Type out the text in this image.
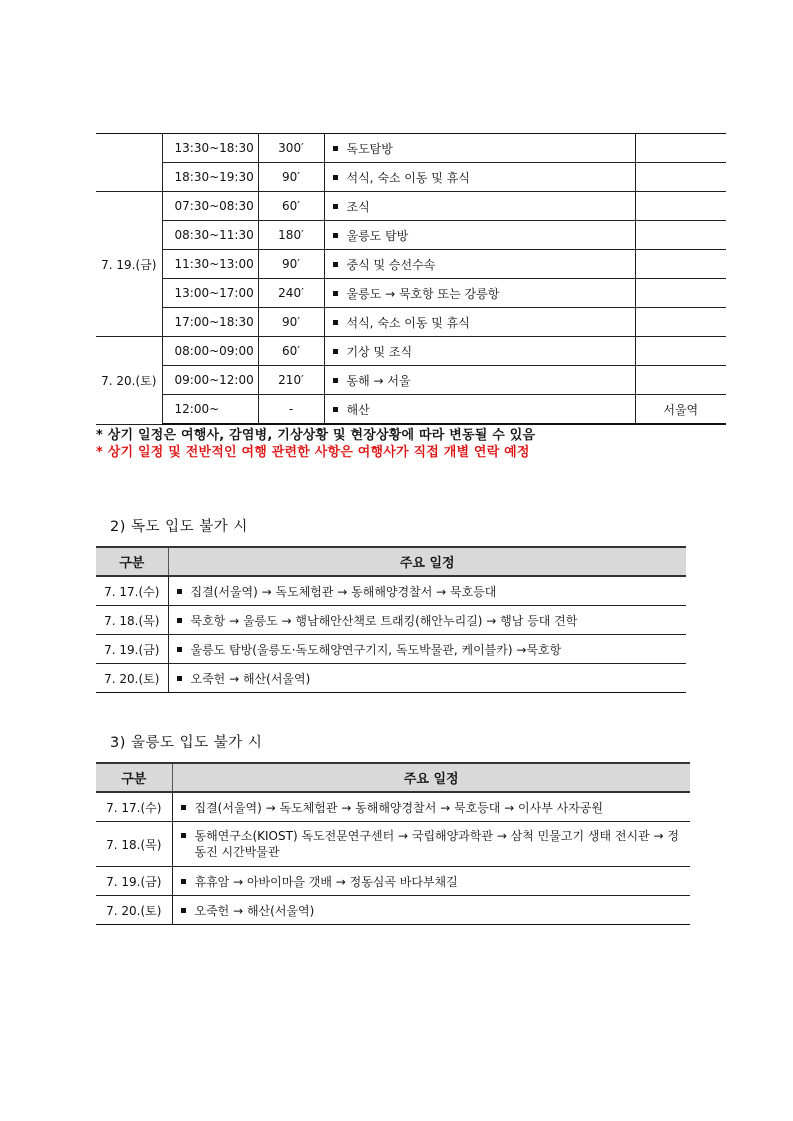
	13:30~18:30	300′	독도탐방	
	18:30~19:30	90′	석식, 숙소 이동 및 휴식	
7. 19.(금)	07:30~08:30	60′	조식	
	08:30~11:30	180′	울릉도 탐방	
	11:30~13:00	90′	중식 및 승선수속	
	13:00~17:00	240′	울릉도 → 묵호항 또는 강릉항	
	17:00~18:30	90′	석식, 숙소 이동 및 휴식	
7. 20.(토)	08:00~09:00	60′	기상 및 조식	
	09:00~12:00	210′	동해 → 서울	
	12:00~	-	해산	서울역
* 상기 일정은 여행사, 감염병, 기상상황 및 현장상황에 따라 변동될 수 있음
* 상기 일정 및 전반적인 여행 관련한 사항은 여행사가 직접 개별 연락 예정
2) 독도 입도 불가 시
구분	주요 일정
7. 17.(수)	집결(서울역) → 독도체험관 → 동해해양경찰서 → 묵호등대
7. 18.(목)	묵호항 → 울릉도 → 행남해안산책로 트래킹(해안누리길) → 행남 등대 견학
7. 19.(금)	울릉도 탐방(울릉도·독도해양연구기지, 독도박물관, 케이블카) →묵호항
7. 20.(토)	오죽헌 → 해산(서울역)
3) 울릉도 입도 불가 시
구분	주요 일정
7. 17.(수)	집결(서울역) → 독도체험관 → 동해해양경찰서 → 묵호등대 → 이사부 사자공원
7. 18.(목)	동해연구소(KIOST) 독도전문연구센터 → 국립해양과학관 → 삼척 민물고기 생태 전시관 → 정동진 시간박물관

7. 19.(금)	휴휴암 → 아바이마을 갯배 → 정동심곡 바다부채길
7. 20.(토)	오죽헌 → 해산(서울역)
